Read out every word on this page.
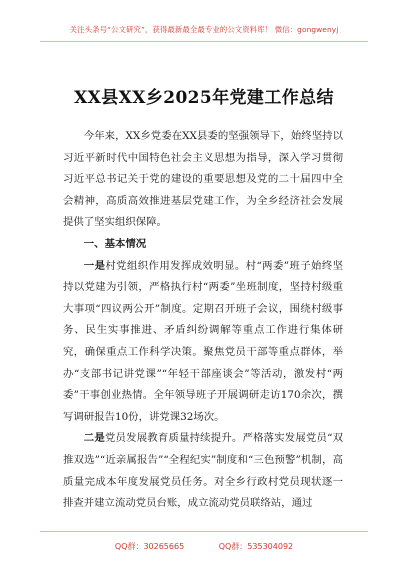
关注头条号“公文研究”，获得最新最全最专业的公文资料库！ 微信：gongwenyj
XX县XX乡2025年党建工作总结

今年来，XX乡党委在XX县委的坚强领导下，始终坚持以习近平新时代中国特色社会主义思想为指导，深入学习贯彻习近平总书记关于党的建设的重要思想及党的二十届四中全会精神，高质高效推进基层党建工作，为全乡经济社会发展提供了坚实组织保障。

一、基本情况

一是村党组织作用发挥成效明显。村“两委”班子始终坚持以党建为引领，严格执行村“两委”坐班制度，坚持村级重大事项“四议两公开”制度。定期召开班子会议，围绕村级事务、民生实事推进、矛盾纠纷调解等重点工作进行集体研究，确保重点工作科学决策。聚焦党员干部等重点群体，举办“支部书记讲党课”“年轻干部座谈会”等活动，激发村“两委”干事创业热情。全年领导班子开展调研走访170余次，撰写调研报告10份，讲党课32场次。

二是党员发展教育质量持续提升。严格落实发展党员“双推双选”“近亲属报告”“全程纪实”制度和“三色预警”机制，高质量完成本年度发展党员任务。对全乡行政村党员现状逐一排查并建立流动党员台账，成立流动党员联络站，通过

QQ群：30265665	QQ群：535304092
